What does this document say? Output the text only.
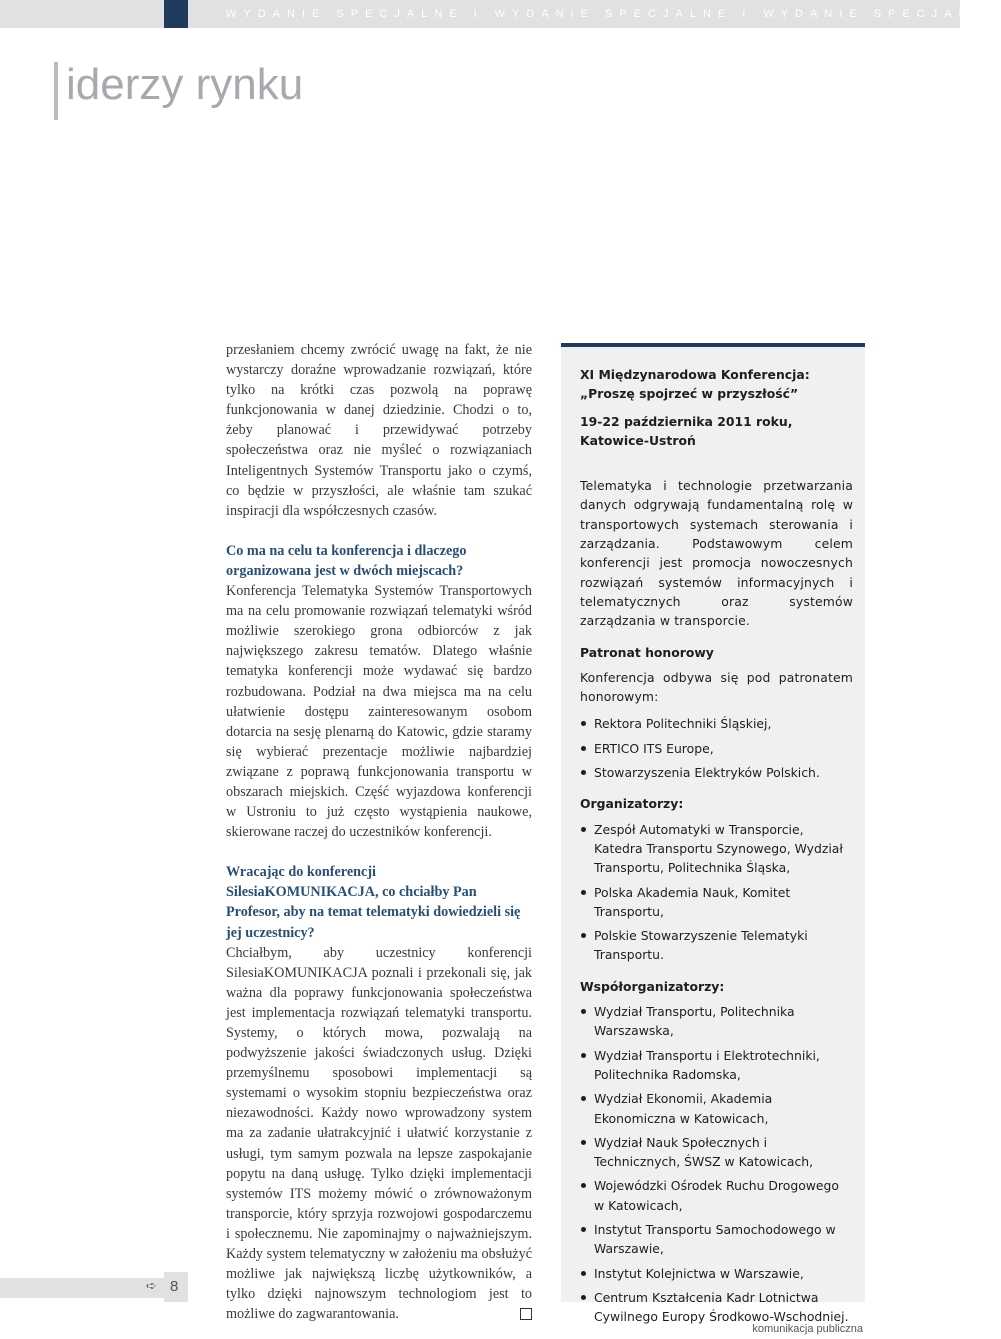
WYDANIE SPECJALNE I WYDANIE SPECJALNE I WYDANIE SPECJALNE
iderzy rynku

przesłaniem chcemy zwrócić uwagę na fakt, że nie wystarczy doraźne wprowadzanie rozwiązań, które tylko na krótki czas pozwolą na poprawę funkcjonowania w danej dziedzinie. Chodzi o to, żeby planować i przewidywać potrzeby społeczeństwa oraz nie myśleć o rozwiązaniach Inteligentnych Systemów Transportu jako o czymś, co będzie w przyszłości, ale właśnie tam szukać inspiracji dla współczesnych czasów.

Co ma na celu ta konferencja i dlaczego organizowana jest w dwóch miejscach?

Konferencja Telematyka Systemów Transportowych ma na celu promowanie rozwiązań telematyki wśród możliwie szerokiego grona odbiorców z jak największego zakresu tematów. Dlatego właśnie tematyka konferencji może wydawać się bardzo rozbudowana. Podział na dwa miejsca ma na celu ułatwienie dostępu zainteresowanym osobom dotarcia na sesję plenarną do Katowic, gdzie staramy się wybierać prezentacje możliwie najbardziej związane z poprawą funkcjonowania transportu w obszarach miejskich. Część wyjazdowa konferencji w Ustroniu to już często wystąpienia naukowe, skierowane raczej do uczestników konferencji.

Wracając do konferencji SilesiaKOMUNIKACJA, co chciałby Pan Profesor, aby na temat telematyki dowiedzieli się jej uczestnicy?

Chciałbym, aby uczestnicy konferencji SilesiaKOMUNIKACJA poznali i przekonali się, jak ważna dla poprawy funkcjonowania społeczeństwa jest implementacja rozwiązań telematyki transportu. Systemy, o których mowa, pozwalają na podwyższenie jakości świadczonych usług. Dzięki przemyślnemu sposobowi implementacji są systemami o wysokim stopniu bezpieczeństwa oraz niezawodności. Każdy nowo wprowadzony system ma za zadanie ułatrakcyjnić i ułatwić korzystanie z usługi, tym samym pozwala na lepsze zaspokajanie popytu na daną usługę. Tylko dzięki implementacji systemów ITS możemy mówić o zrównoważonym transporcie, który sprzyja rozwojowi gospodarczemu i społecznemu. Nie zapominajmy o najważniejszym. Każdy system telematyczny w założeniu ma obsłużyć możliwe jak największą liczbę użytkowników, a tylko dzięki najnowszym technologiom jest to możliwe do zagwarantowania.

XI Międzynarodowa Konferencja:
„Proszę spojrzeć w przyszłość”
19-22 października 2011 roku,
Katowice-Ustroń
Telematyka i technologie przetwarzania danych odgrywają fundamentalną rolę w transportowych systemach sterowania i zarządzania. Podstawowym celem konferencji jest promocja nowoczesnych rozwiązań systemów informacyjnych i telematycznych oraz systemów zarządzania w transporcie.
Patronat honorowy
Konferencja odbywa się pod patronatem honorowym:
Rektora Politechniki Śląskiej,
ERTICO ITS Europe,
Stowarzyszenia Elektryków Polskich.
Organizatorzy:
Zespół Automatyki w Transporcie, Katedra Transportu Szynowego, Wydział Transportu, Politechnika Śląska,
Polska Akademia Nauk, Komitet Transportu,
Polskie Stowarzyszenie Telematyki Transportu.
Współorganizatorzy:
Wydział Transportu, Politechnika Warszawska,
Wydział Transportu i Elektrotechniki, Politechnika Radomska,
Wydział Ekonomii, Akademia Ekonomiczna w Katowicach,
Wydział Nauk Społecznych i Technicznych, ŚWSZ w Katowicach,
Wojewódzki Ośrodek Ruchu Drogowego w Katowicach,
Instytut Transportu Samochodowego w Warszawie,
Instytut Kolejnictwa w Warszawie,
Centrum Kształcenia Kadr Lotnictwa Cywilnego Europy Środkowo-Wschodniej.
➪ 8
komunikacja publiczna
